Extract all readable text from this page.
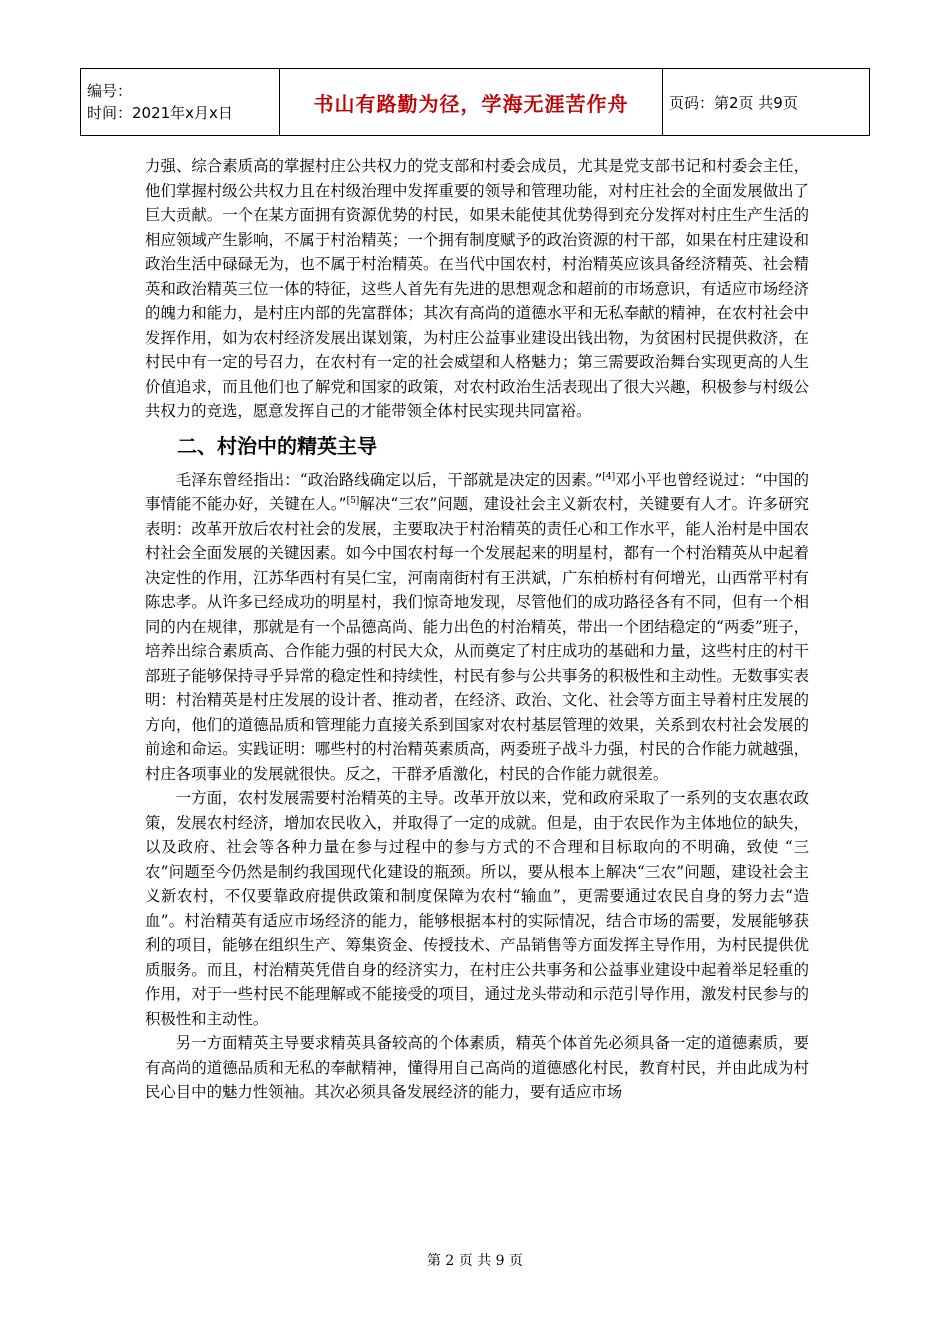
编号：
时间：2021年x月x日	书山有路勤为径，学海无涯苦作舟	页码：第2页 共9页

力强、综合素质高的掌握村庄公共权力的党支部和村委会成员，尤其是党支部书记和村委会主任，他们掌握村级公共权力且在村级治理中发挥重要的领导和管理功能，对村庄社会的全面发展做出了巨大贡献。一个在某方面拥有资源优势的村民，如果未能使其优势得到充分发挥对村庄生产生活的相应领域产生影响，不属于村治精英；一个拥有制度赋予的政治资源的村干部，如果在村庄建设和政治生活中碌碌无为，也不属于村治精英。在当代中国农村，村治精英应该具备经济精英、社会精英和政治精英三位一体的特征，这些人首先有先进的思想观念和超前的市场意识，有适应市场经济的魄力和能力，是村庄内部的先富群体；其次有高尚的道德水平和无私奉献的精神，在农村社会中发挥作用，如为农村经济发展出谋划策，为村庄公益事业建设出钱出物，为贫困村民提供救济，在村民中有一定的号召力，在农村有一定的社会威望和人格魅力；第三需要政治舞台实现更高的人生价值追求，而且他们也了解党和国家的政策，对农村政治生活表现出了很大兴趣，积极参与村级公共权力的竞选，愿意发挥自己的才能带领全体村民实现共同富裕。

二、村治中的精英主导

毛泽东曾经指出：“政治路线确定以后，干部就是决定的因素。”[4]邓小平也曾经说过：“中国的事情能不能办好，关键在人。”[5]解决“三农”问题，建设社会主义新农村，关键要有人才。许多研究表明：改革开放后农村社会的发展，主要取决于村治精英的责任心和工作水平，能人治村是中国农村社会全面发展的关键因素。如今中国农村每一个发展起来的明星村，都有一个村治精英从中起着决定性的作用，江苏华西村有吴仁宝，河南南街村有王洪斌，广东柏桥村有何增光，山西常平村有陈忠孝。从许多已经成功的明星村，我们惊奇地发现，尽管他们的成功路径各有不同，但有一个相同的内在规律，那就是有一个品德高尚、能力出色的村治精英，带出一个团结稳定的“两委”班子，培养出综合素质高、合作能力强的村民大众，从而奠定了村庄成功的基础和力量，这些村庄的村干部班子能够保持寻乎异常的稳定性和持续性，村民有参与公共事务的积极性和主动性。无数事实表明：村治精英是村庄发展的设计者、推动者，在经济、政治、文化、社会等方面主导着村庄发展的方向，他们的道德品质和管理能力直接关系到国家对农村基层管理的效果，关系到农村社会发展的前途和命运。实践证明：哪些村的村治精英素质高，两委班子战斗力强，村民的合作能力就越强，村庄各项事业的发展就很快。反之，干群矛盾激化，村民的合作能力就很差。

一方面，农村发展需要村治精英的主导。改革开放以来，党和政府采取了一系列的支农惠农政策，发展农村经济，增加农民收入，并取得了一定的成就。但是，由于农民作为主体地位的缺失，以及政府、社会等各种力量在参与过程中的参与方式的不合理和目标取向的不明确，致使 “三农”问题至今仍然是制约我国现代化建设的瓶颈。所以，要从根本上解决“三农”问题，建设社会主义新农村，不仅要靠政府提供政策和制度保障为农村“输血”，更需要通过农民自身的努力去“造血”。村治精英有适应市场经济的能力，能够根据本村的实际情况，结合市场的需要，发展能够获利的项目，能够在组织生产、筹集资金、传授技术、产品销售等方面发挥主导作用，为村民提供优质服务。而且，村治精英凭借自身的经济实力，在村庄公共事务和公益事业建设中起着举足轻重的作用，对于一些村民不能理解或不能接受的项目，通过龙头带动和示范引导作用，激发村民参与的积极性和主动性。

另一方面精英主导要求精英具备较高的个体素质，精英个体首先必须具备一定的道德素质，要有高尚的道德品质和无私的奉献精神，懂得用自己高尚的道德感化村民，教育村民，并由此成为村民心目中的魅力性领袖。其次必须具备发展经济的能力，要有适应市场

第 2 页 共 9 页
